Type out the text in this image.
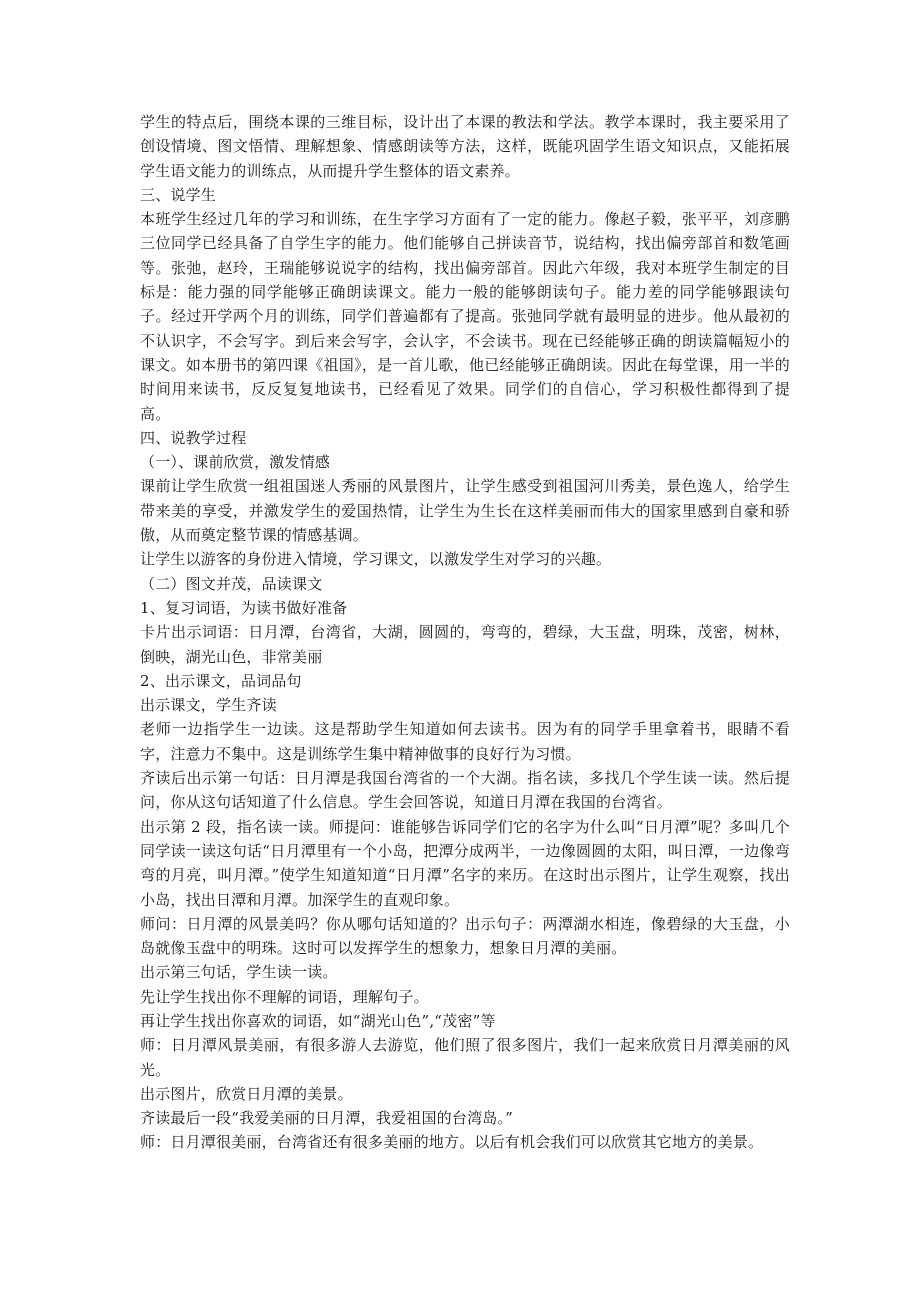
学生的特点后，围绕本课的三维目标，设计出了本课的教法和学法。教学本课时，我主要采用了创设情境、图文悟情、理解想象、情感朗读等方法，这样，既能巩固学生语文知识点，又能拓展学生语文能力的训练点，从而提升学生整体的语文素养。

三、说学生

本班学生经过几年的学习和训练，在生字学习方面有了一定的能力。像赵子毅，张平平，刘彦鹏三位同学已经具备了自学生字的能力。他们能够自己拼读音节，说结构，找出偏旁部首和数笔画等。张弛，赵玲，王瑞能够说说字的结构，找出偏旁部首。因此六年级，我对本班学生制定的目标是：能力强的同学能够正确朗读课文。能力一般的能够朗读句子。能力差的同学能够跟读句子。经过开学两个月的训练，同学们普遍都有了提高。张弛同学就有最明显的进步。他从最初的不认识字，不会写字。到后来会写字，会认字，不会读书。现在已经能够正确的朗读篇幅短小的课文。如本册书的第四课《祖国》，是一首儿歌，他已经能够正确朗读。因此在每堂课，用一半的时间用来读书，反反复复地读书，已经看见了效果。同学们的自信心，学习积极性都得到了提高。

四、说教学过程

（一）、课前欣赏，激发情感

课前让学生欣赏一组祖国迷人秀丽的风景图片，让学生感受到祖国河川秀美，景色逸人，给学生带来美的享受，并激发学生的爱国热情，让学生为生长在这样美丽而伟大的国家里感到自豪和骄傲，从而奠定整节课的情感基调。

让学生以游客的身份进入情境，学习课文，以激发学生对学习的兴趣。

（二）图文并茂，品读课文

1、复习词语，为读书做好准备

卡片出示词语：日月潭，台湾省，大湖，圆圆的，弯弯的，碧绿，大玉盘，明珠，茂密，树林，倒映，湖光山色，非常美丽

2、出示课文，品词品句

出示课文，学生齐读

老师一边指学生一边读。这是帮助学生知道如何去读书。因为有的同学手里拿着书，眼睛不看字，注意力不集中。这是训练学生集中精神做事的良好行为习惯。

齐读后出示第一句话：日月潭是我国台湾省的一个大湖。指名读，多找几个学生读一读。然后提问，你从这句话知道了什么信息。学生会回答说，知道日月潭在我国的台湾省。

出示第 2 段，指名读一读。师提问：谁能够告诉同学们它的名字为什么叫“日月潭”呢？多叫几个同学读一读这句话“日月潭里有一个小岛，把潭分成两半，一边像圆圆的太阳，叫日潭，一边像弯弯的月亮，叫月潭。”使学生知道知道“日月潭”名字的来历。在这时出示图片，让学生观察，找出小岛，找出日潭和月潭。加深学生的直观印象。

师问：日月潭的风景美吗？你从哪句话知道的？出示句子：两潭湖水相连，像碧绿的大玉盘，小岛就像玉盘中的明珠。这时可以发挥学生的想象力，想象日月潭的美丽。

出示第三句话，学生读一读。

先让学生找出你不理解的词语，理解句子。

再让学生找出你喜欢的词语，如“湖光山色”,“茂密”等

师：日月潭风景美丽，有很多游人去游览，他们照了很多图片，我们一起来欣赏日月潭美丽的风光。

出示图片，欣赏日月潭的美景。

齐读最后一段“我爱美丽的日月潭，我爱祖国的台湾岛。”

师：日月潭很美丽，台湾省还有很多美丽的地方。以后有机会我们可以欣赏其它地方的美景。
